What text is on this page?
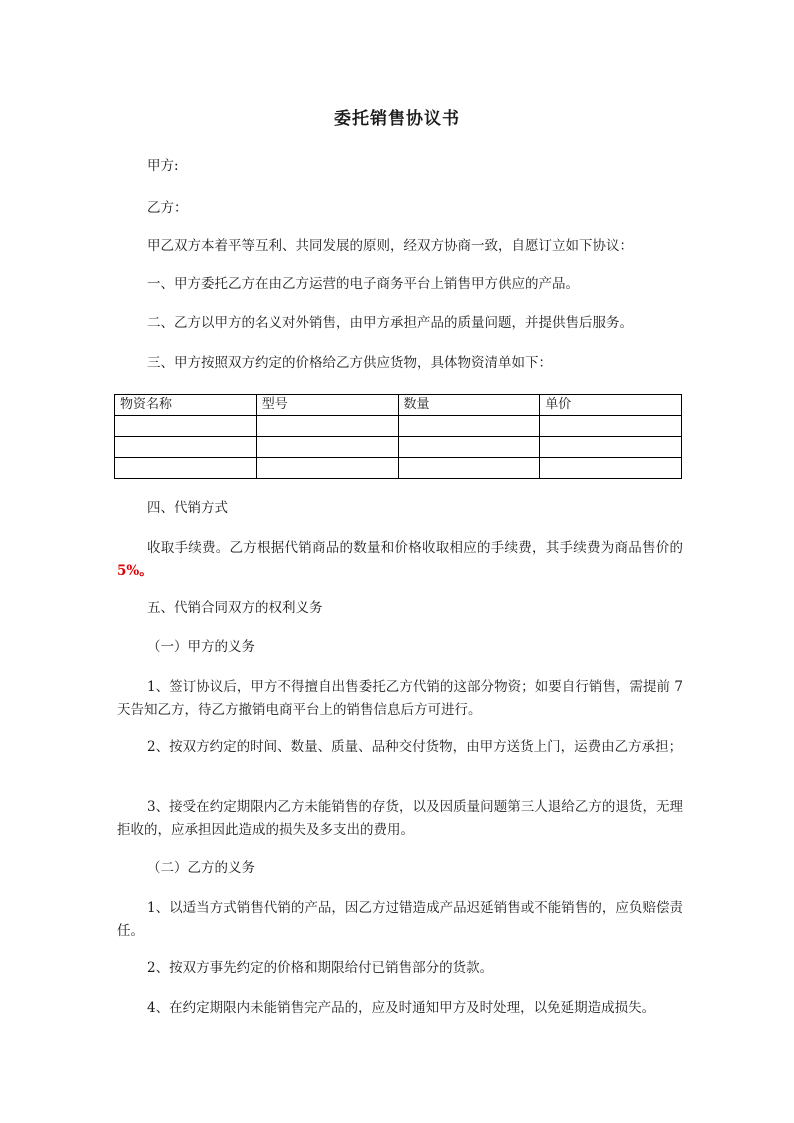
委托销售协议书
甲方:
乙方：
甲乙双方本着平等互利、共同发展的原则，经双方协商一致，自愿订立如下协议：
一、甲方委托乙方在由乙方运营的电子商务平台上销售甲方供应的产品。
二、乙方以甲方的名义对外销售，由甲方承担产品的质量问题，并提供售后服务。
三、甲方按照双方约定的价格给乙方供应货物，具体物资清单如下：
物资名称	型号	数量	单价

四、代销方式
收取手续费。乙方根据代销商品的数量和价格收取相应的手续费，其手续费为商品售价的 5%。
五、代销合同双方的权利义务
（一）甲方的义务
1、签订协议后，甲方不得擅自出售委托乙方代销的这部分物资；如要自行销售，需提前 7 天告知乙方，待乙方撤销电商平台上的销售信息后方可进行。
2、按双方约定的时间、数量、质量、品种交付货物，由甲方送货上门，运费由乙方承担；
3、接受在约定期限内乙方未能销售的存货，以及因质量问题第三人退给乙方的退货，无理拒收的，应承担因此造成的损失及多支出的费用。
（二）乙方的义务
1、以适当方式销售代销的产品，因乙方过错造成产品迟延销售或不能销售的，应负赔偿责任。
2、按双方事先约定的价格和期限给付已销售部分的货款。
4、在约定期限内未能销售完产品的，应及时通知甲方及时处理，以免延期造成损失。
